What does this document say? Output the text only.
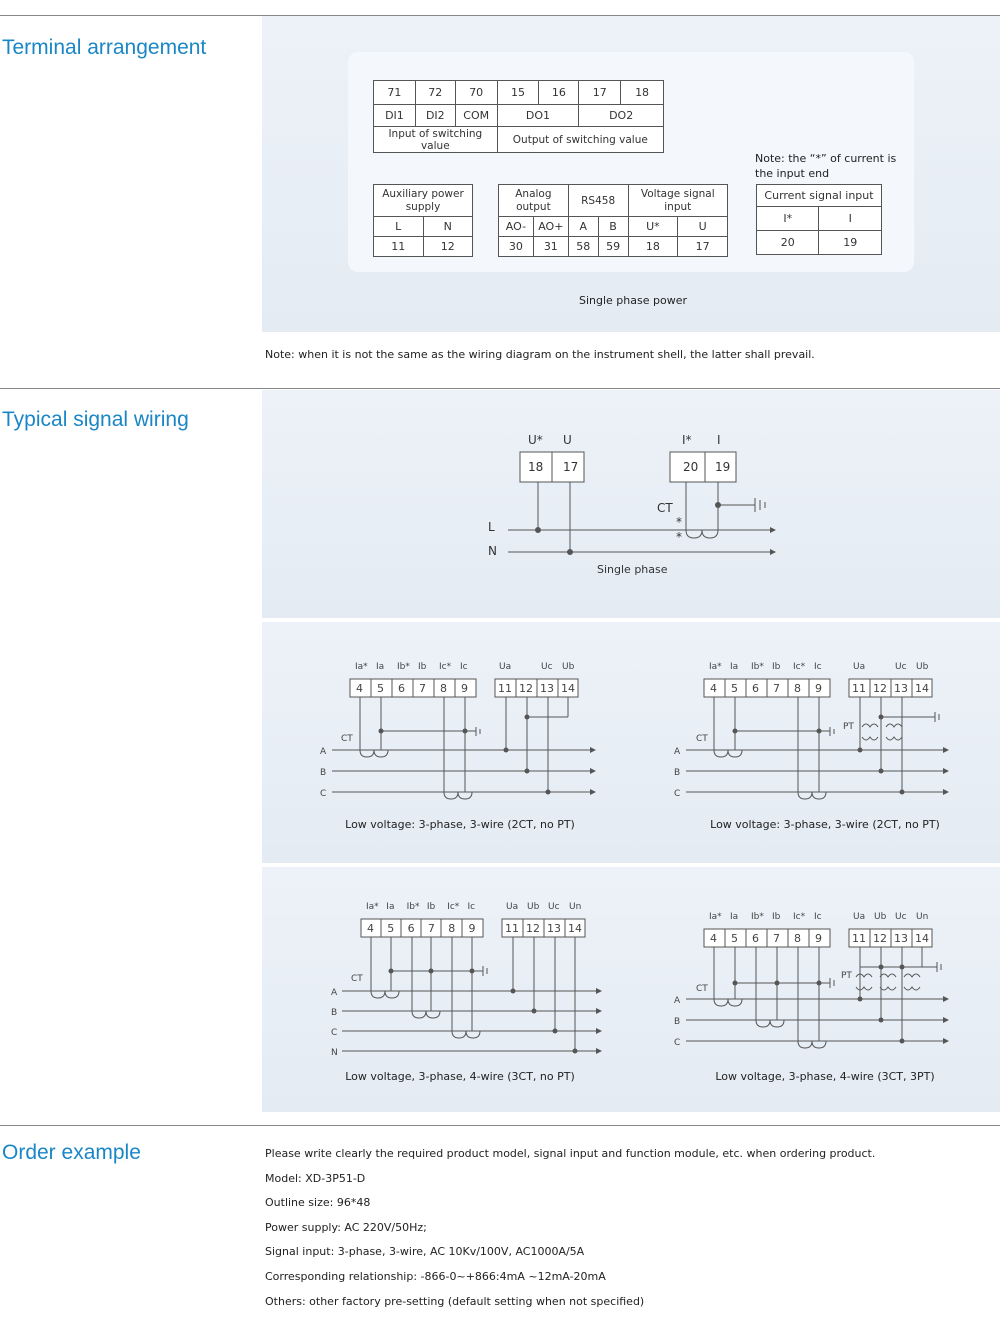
Terminal arrangement
71	72	70	15	16	17	18
DI1	DI2	COM	DO1		DO2	
Input of switching value			Output of switching value			
Auxiliary power supply	
L	N
11	12
Analog output		RS458		Voltage signal input	
AO-	AO+	A	B	U*	U
30	31	58	59	18	17
Note: the “*” of current is the input end
Current signal input	
I*	I
20	19
Single phase power
Note: when it is not the same as the wiring diagram on the instrument shell, the latter shall prevail.
Typical signal wiring
U* U
18 17
I* I
20 19
CT
*
*
L
N
Single phase
Ia*
4
Ia
5
Ib*
6
Ib
7
Ic*
8
Ic
9
Ua
11
Uc
12
Ub
13 14
A
B
C
CT
Ia*
4
Ia
5
Ib*
6
Ib
7
Ic*
8
Ic
9
Ua
11
Uc
12
Ub
13 14
A
B
C
CT
PT
Ia*
4
Ia
5
Ib*
6
Ib
7
Ic*
8
Ic
9
Ua
11
Ub
12
Uc
13
Un
14
A
B
C
N
CT
Ia*
4
Ia
5
Ib*
6
Ib
7
Ic*
8
Ic
9
Ua
11
Ub
12
Uc
13
Un
14
A
B
C
CT
PT
Low voltage: 3-phase, 3-wire (2CT, no PT)	Low voltage: 3-phase, 3-wire (2CT, no PT)
Low voltage, 3-phase, 4-wire (3CT, no PT)	Low voltage, 3-phase, 4-wire (3CT, 3PT)
Order example	Please write clearly the required product model, signal input and function module, etc. when ordering product.
Model: XD-3P51-D
Outline size: 96*48
Power supply: AC 220V/50Hz;
Signal input: 3-phase, 3-wire, AC 10Kv/100V, AC1000A/5A
Corresponding relationship: -866-0~+866:4mA ~12mA-20mA
Others: other factory pre-setting (default setting when not specified)
